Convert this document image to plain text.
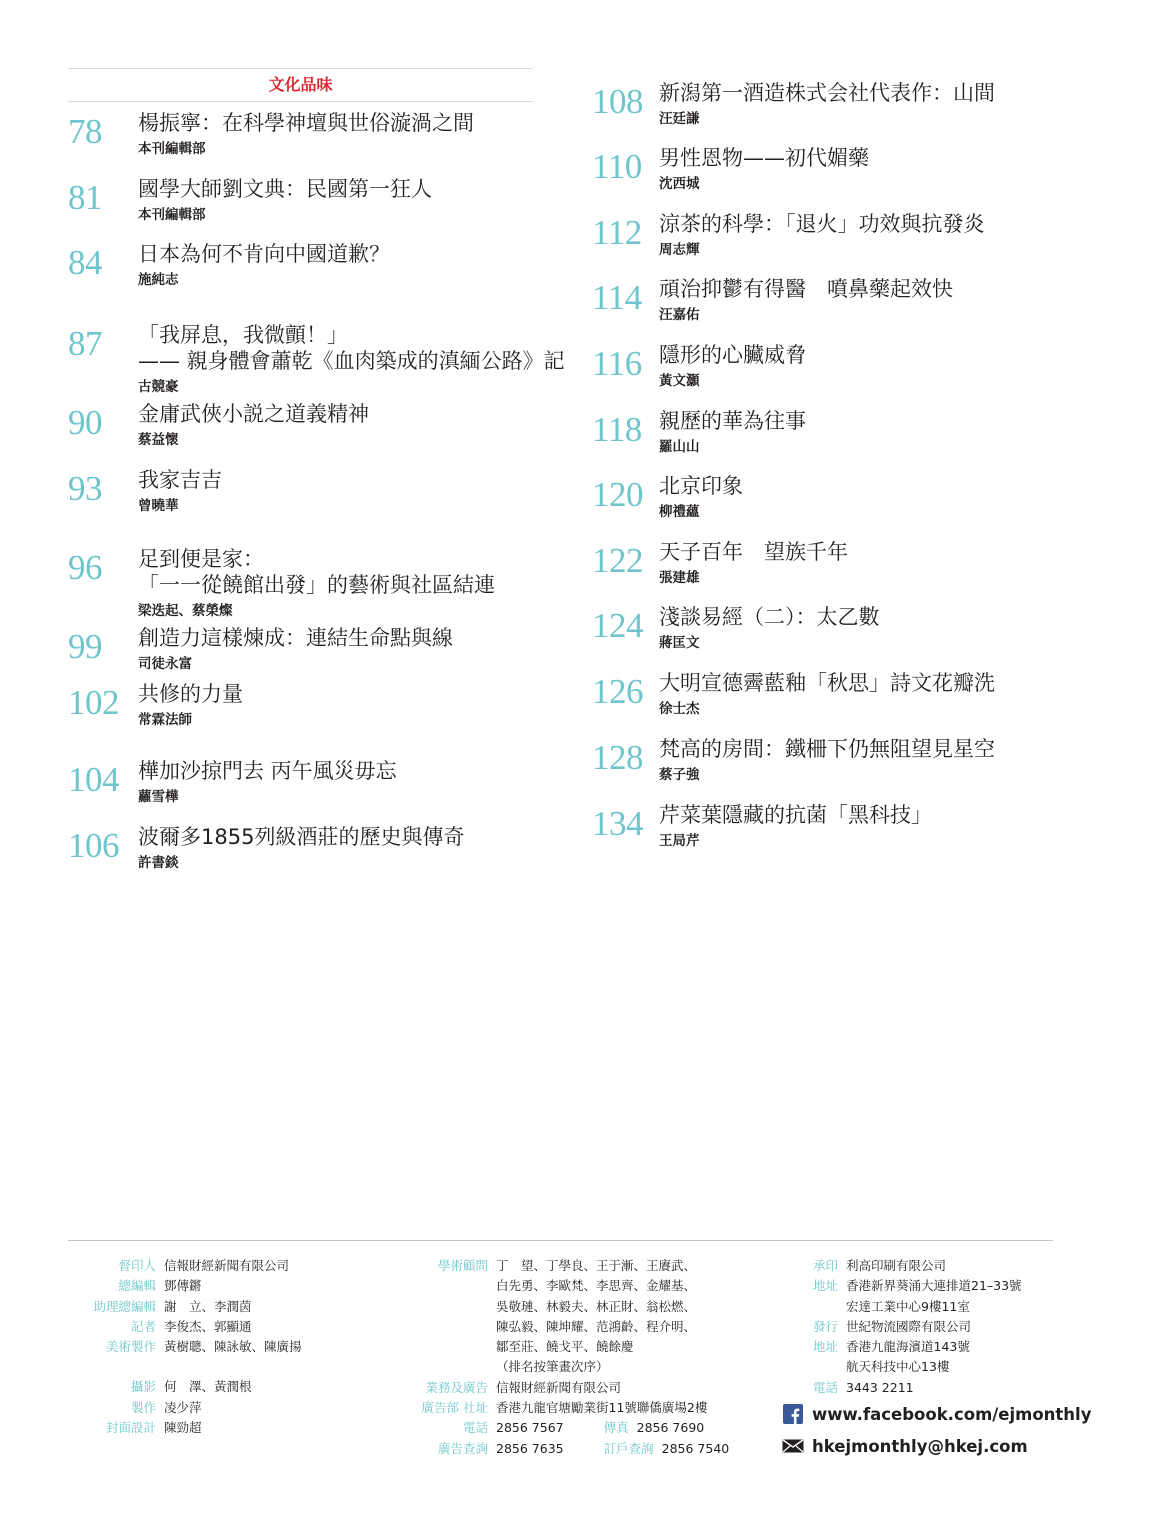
文化品味
78 楊振寧：在科學神壇與世俗漩渦之間
本刊編輯部
81 國學大師劉文典：民國第一狂人
本刊編輯部
84 日本為何不肯向中國道歉？
施純志
87 「我屏息，我微顫！」
—— 親身體會蕭乾《血肉築成的滇緬公路》記
古競豪
90 金庸武俠小説之道義精神
蔡益懷
93 我家吉吉
曾曉華
96 足到便是家：
「一一從饒館出發」的藝術與社區結連
梁迭起、蔡榮燦
99 創造力這樣煉成：連結生命點與線
司徒永富
102 共修的力量
常霖法師
104 樺加沙掠門去 丙午風災毋忘
蘿雪樺
106 波爾多1855列級酒莊的歷史與傳奇
許書錟
108 新潟第一酒造株式会社代表作：山間
汪廷謙
110 男性恩物——初代媚藥
沈西城
112 涼茶的科學：「退火」功效與抗發炎
周志輝
114 頑治抑鬱有得醫　噴鼻藥起效快
汪嘉佑
116 隱形的心臟威脅
黃文灝
118 親歷的華為往事
羅山山
120 北京印象
柳禮蘊
122 天子百年　望族千年
張建雄
124 淺談易經（二）：太乙數
蔣匡文
126 大明宣德霽藍釉「秋思」詩文花瓣洗
徐士杰
128 梵高的房間：鐵柵下仍無阻望見星空
蔡子強
134 芹菜葉隱藏的抗菌「黑科技」
王局芹
督印人 信報財經新聞有限公司
總編輯 鄧傳鏘
助理總編輯 謝　立、李潤茵
記者 李俊杰、郭顯通
美術製作 黃樹聰、陳詠敏、陳廣揚
攝影 何　澤、黃潤根
製作 凌少萍
封面設計 陳勁超
學術顧問 丁　望、丁學良、王于漸、王賡武、
白先勇、李歐梵、李思齊、金耀基、
吳敬璉、林毅夫、林正財、翁松燃、
陳弘毅、陳坤耀、范鴻齡、程介明、
鄒至莊、饒戈平、饒餘慶
（排名按筆畫次序）
業務及廣告 信報財經新聞有限公司
廣告部 社址 香港九龍官塘勵業街11號聯僑廣場2樓
電話 2856 7567	傳真 2856 7690
廣告查詢 2856 7635	訂戶查詢 2856 7540
承印 利高印刷有限公司
地址 香港新界葵涌大連排道21–33號
宏達工業中心9樓11室
發行 世紀物流國際有限公司
地址 香港九龍海濱道143號
航天科技中心13樓
電話 3443 2211
www.facebook.com/ejmonthly
hkejmonthly@hkej.com
